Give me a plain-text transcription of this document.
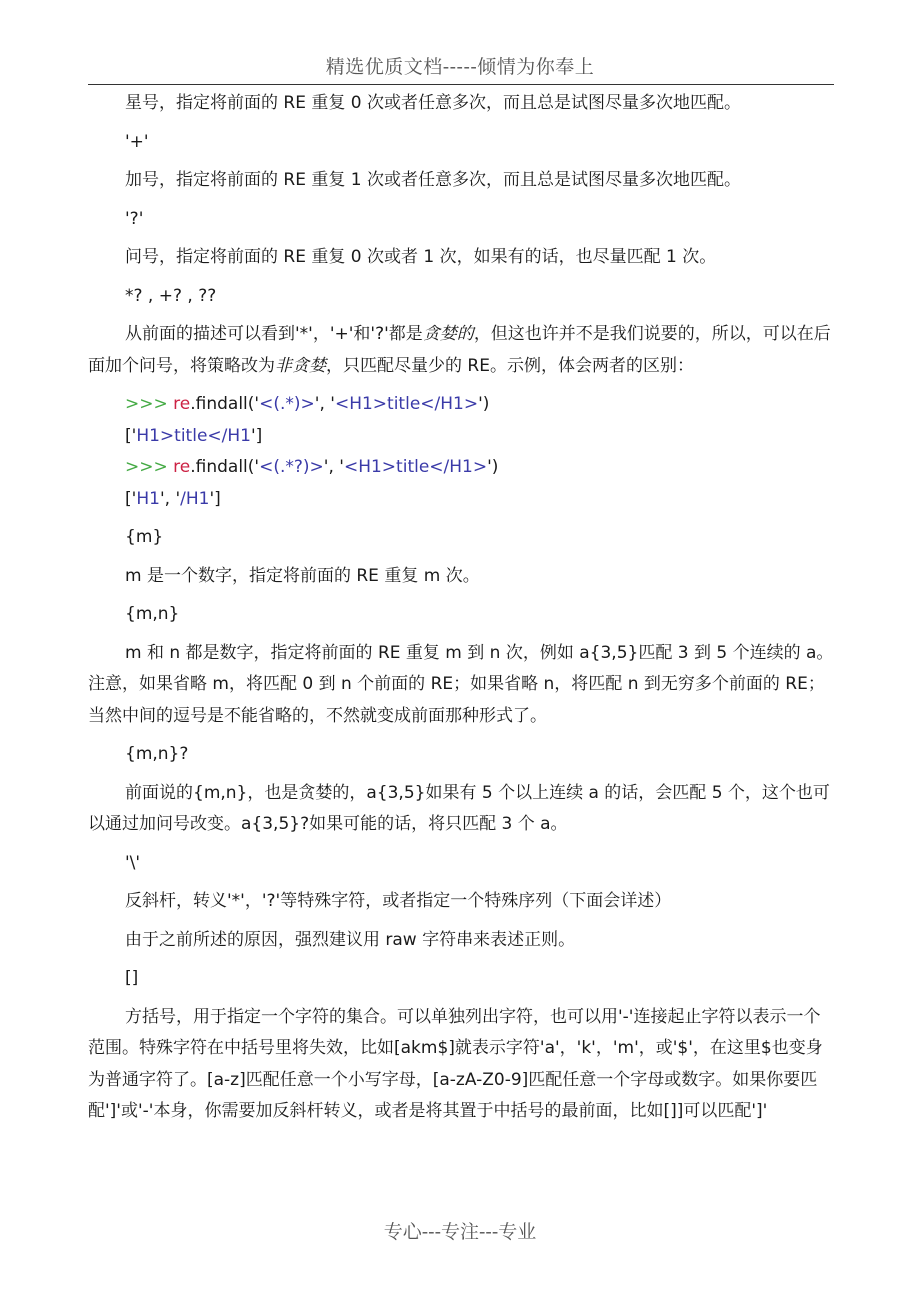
精选优质文档-----倾情为你奉上

星号，指定将前面的 RE 重复 0 次或者任意多次，而且总是试图尽量多次地匹配。

'+'

加号，指定将前面的 RE 重复 1 次或者任意多次，而且总是试图尽量多次地匹配。

'?'

问号，指定将前面的 RE 重复 0 次或者 1 次，如果有的话，也尽量匹配 1 次。

*? , +? , ??

从前面的描述可以看到'*'，'+'和'?'都是贪婪的，但这也许并不是我们说要的，所以，可以在后面加个问号，将策略改为非贪婪，只匹配尽量少的 RE。示例，体会两者的区别：

>>> re.findall('<(.*)>', '<H1>title</H1>')

['H1>title</H1']

>>> re.findall('<(.*?)>', '<H1>title</H1>')

['H1', '/H1']

{m}

m 是一个数字，指定将前面的 RE 重复 m 次。

{m,n}

m 和 n 都是数字，指定将前面的 RE 重复 m 到 n 次，例如 a{3,5}匹配 3 到 5 个连续的 a。注意，如果省略 m，将匹配 0 到 n 个前面的 RE；如果省略 n，将匹配 n 到无穷多个前面的 RE；当然中间的逗号是不能省略的，不然就变成前面那种形式了。

{m,n}?

前面说的{m,n}，也是贪婪的，a{3,5}如果有 5 个以上连续 a 的话，会匹配 5 个，这个也可以通过加问号改变。a{3,5}?如果可能的话，将只匹配 3 个 a。

'\'

反斜杆，转义'*'，'?'等特殊字符，或者指定一个特殊序列（下面会详述）

由于之前所述的原因，强烈建议用 raw 字符串来表述正则。

[]

方括号，用于指定一个字符的集合。可以单独列出字符，也可以用'-'连接起止字符以表示一个范围。特殊字符在中括号里将失效，比如[akm$]就表示字符'a'，'k'，'m'，或'$'，在这里$也变身为普通字符了。[a-z]匹配任意一个小写字母，[a-zA-Z0-9]匹配任意一个字母或数字。如果你要匹配']'或'-'本身，你需要加反斜杆转义，或者是将其置于中括号的最前面，比如[]]可以匹配']'

专心---专注---专业
